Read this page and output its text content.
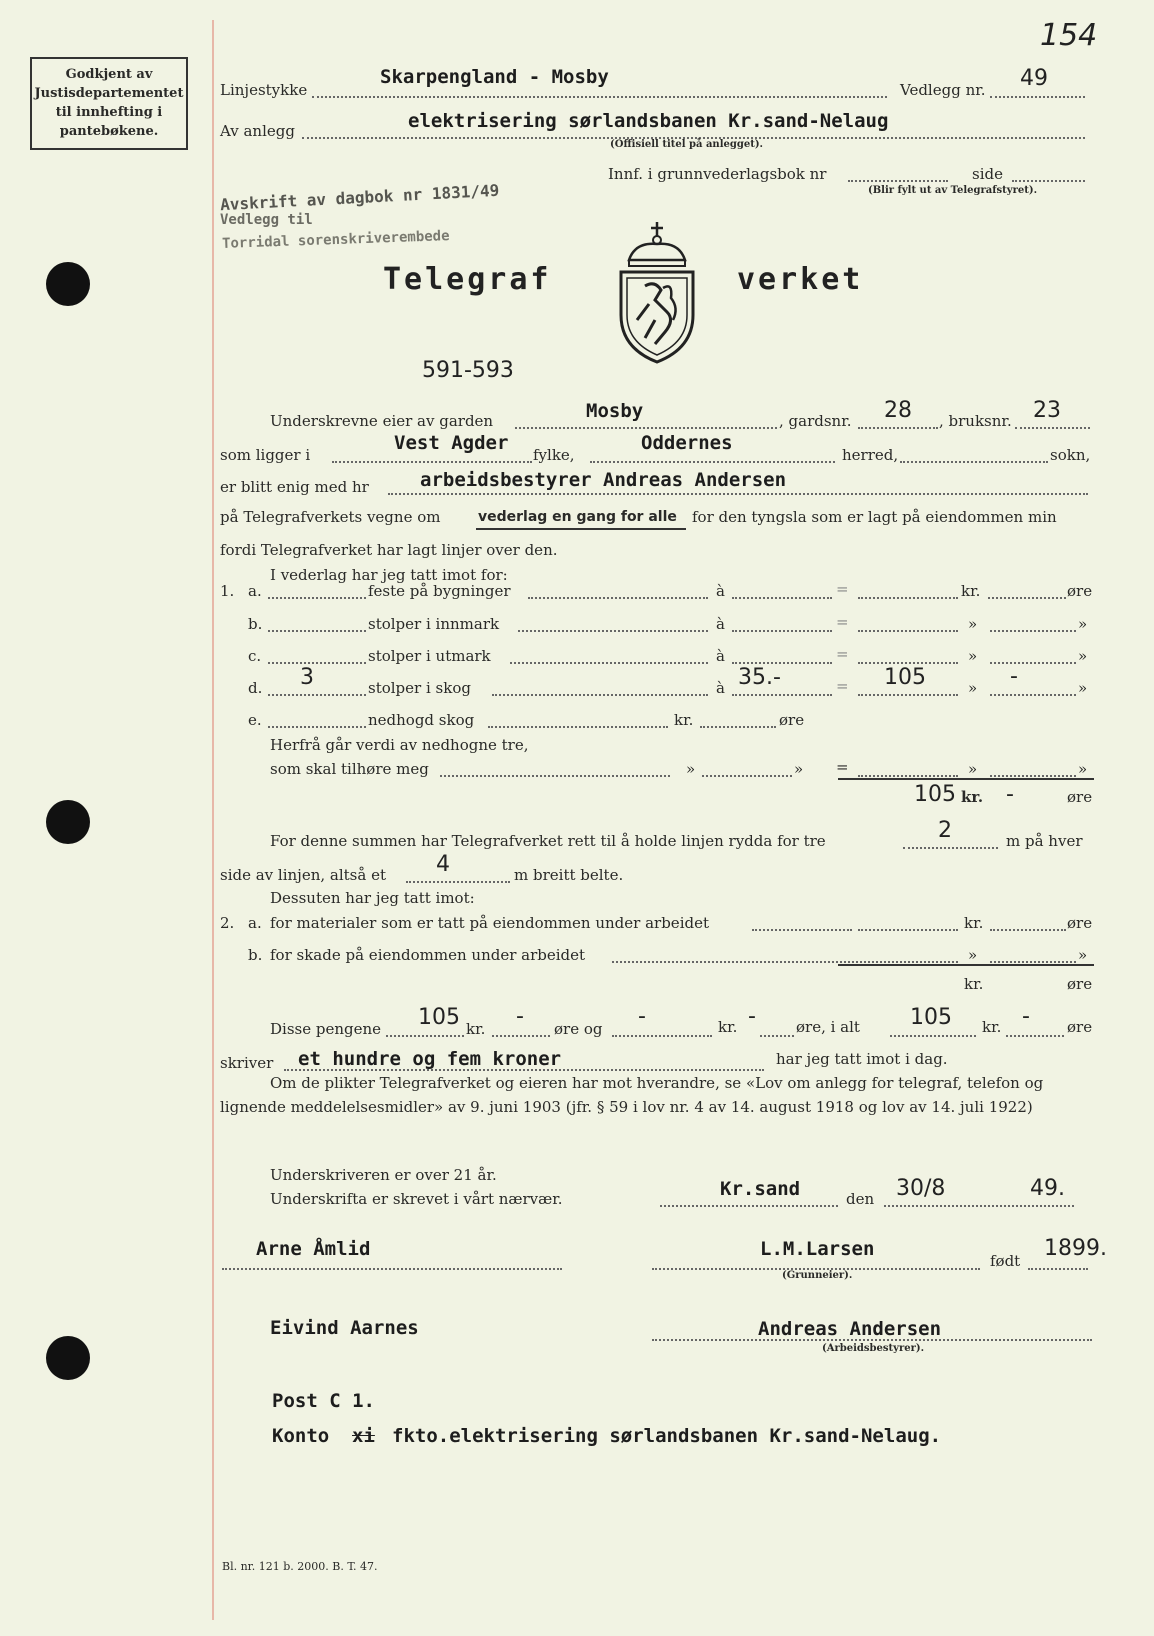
154
Godkjent av
Justisdepartementet
til innhefting i
pantebøkene.
Linjestykke
Skarpengland - Mosby
Vedlegg nr. 49
Av anlegg	elektrisering sørlandsbanen Kr.sand-Nelaug
(Offisiell titel på anlegget).
Innf. i grunnvederlagsbok nr	side
(Blir fylt ut av Telegrafstyret).
Avskrift av dagbok nr 1831/49
Vedlegg til
Torridal sorenskriverembede
Telegraf	verket
591-593
Underskrevne eier av garden	Mosby	, gardsnr. 28 , bruksnr. 23
som ligger i
Vest Agder
fylke,
Oddernes
herred,	sokn,
er blitt enig med hr	arbeidsbestyrer Andreas Andersen
på Telegrafverkets vegne om	vederlag en gang for alle for den tyngsla som er lagt på eiendommen min
fordi Telegrafverket har lagt linjer over den.
I vederlag har jeg tatt imot for:
1. a.	feste på bygninger	à	=	kr.	øre
b.	stolper i innmark	à	=	»	»
c.	stolper i utmark	à	=	»	»
d. 3	stolper i skog	à 35.-	= 105	» -	»
e.	nedhogd skog	kr.	øre
Herfrå går verdi av nedhogne tre,
som skal tilhøre meg	»	» =	»	»
105 kr. -	øre
For denne summen har Telegrafverket rett til å holde linjen rydda for tre	2	m på hver
side av linjen, altså et 4	m breitt belte.
Dessuten har jeg tatt imot:
2. a. for materialer som er tatt på eiendommen under arbeidet	kr.	øre
b. for skade på eiendommen under arbeidet	»	»
kr.	øre
Disse pengene 105 kr. - øre og -	kr. -	øre, i alt 105 kr. - øre
skriver et hundre og fem kroner	har jeg tatt imot i dag.
Om de plikter Telegrafverket og eieren har mot hverandre, se «Lov om anlegg for telegraf, telefon og
lignende meddelelsesmidler» av 9. juni 1903 (jfr. § 59 i lov nr. 4 av 14. august 1918 og lov av 14. juli 1922)
Underskriveren er over 21 år.
Underskrifta er skrevet i vårt nærvær.	Kr.sand	den 30/8	49.
Arne Åmlid	L.M.Larsen
(Grunneier).
født 1899.
Eivind Aarnes	Andreas Andersen
(Arbeidsbestyrer).
Post C 1.
Konto xi fkto.elektrisering sørlandsbanen Kr.sand-Nelaug.
Bl. nr. 121 b. 2000. B. T. 47.
